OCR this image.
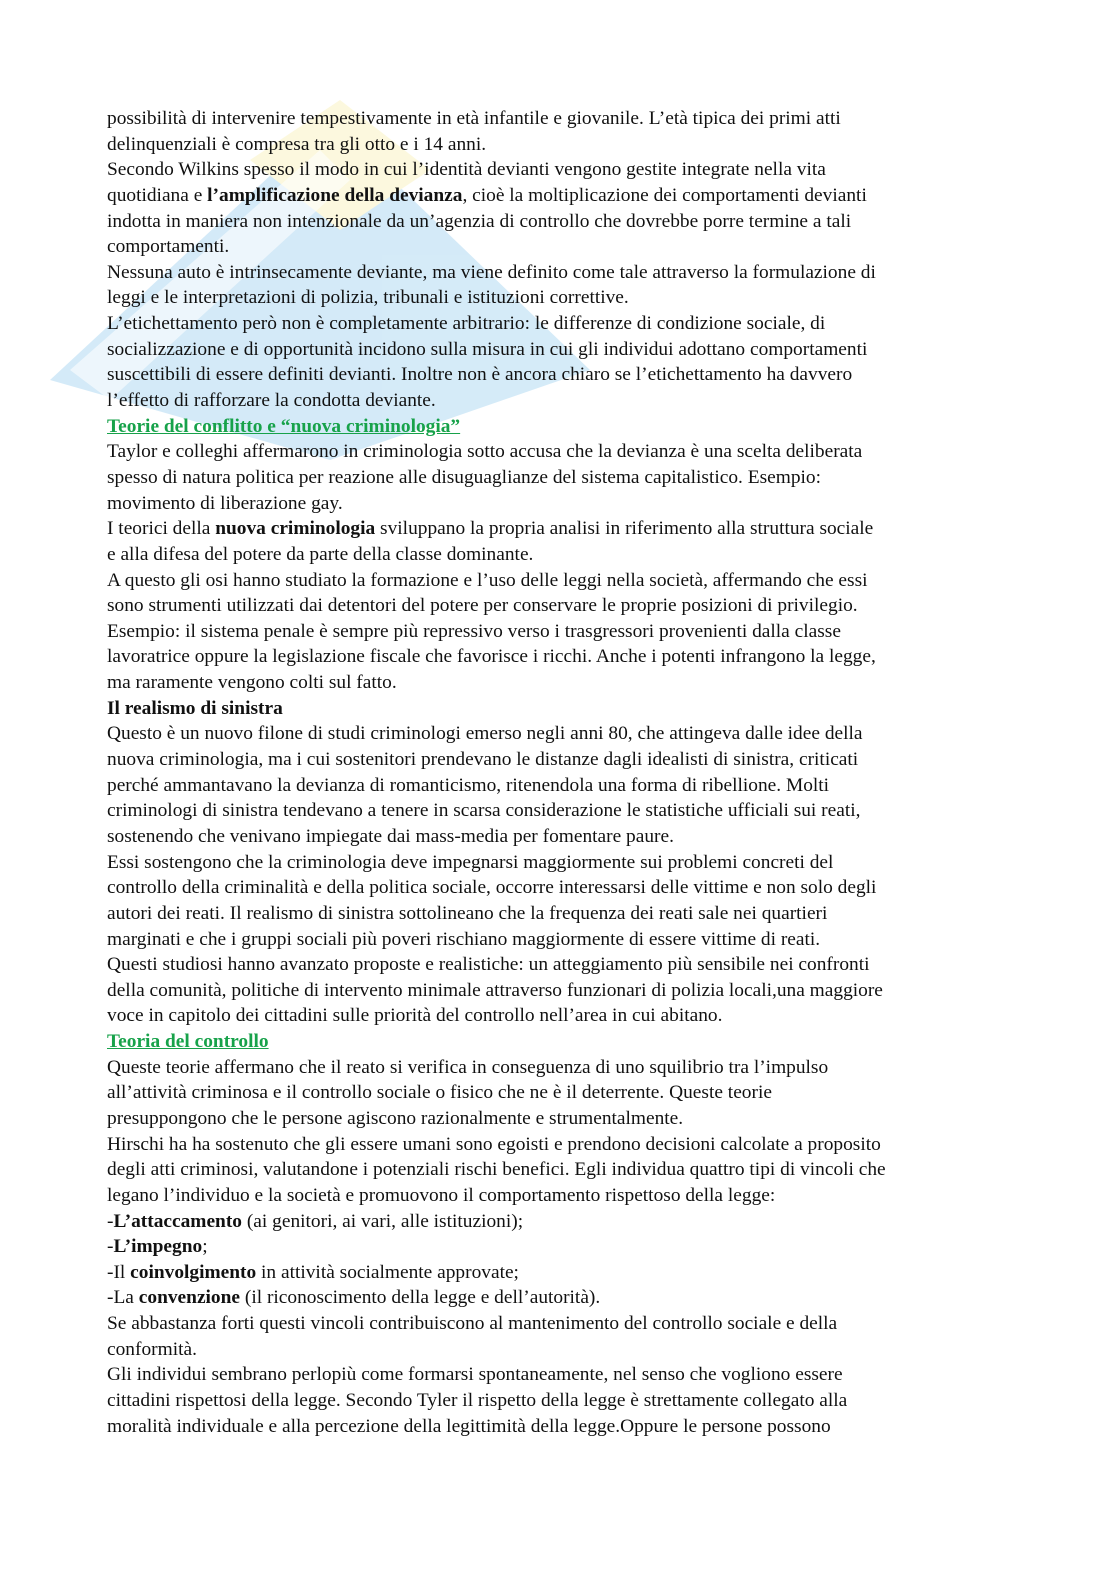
possibilità di intervenire tempestivamente in età infantile e giovanile. L’età tipica dei primi atti
delinquenziali è compresa tra gli otto e i 14 anni.
Secondo Wilkins spesso il modo in cui l’identità devianti vengono gestite integrate nella vita
quotidiana e l’amplificazione della devianza, cioè la moltiplicazione dei comportamenti devianti
indotta in maniera non intenzionale da un’agenzia di controllo che dovrebbe porre termine a tali
comportamenti.
Nessuna auto è intrinsecamente deviante, ma viene definito come tale attraverso la formulazione di
leggi e le interpretazioni di polizia, tribunali e istituzioni correttive.
L’etichettamento però non è completamente arbitrario: le differenze di condizione sociale, di
socializzazione e di opportunità incidono sulla misura in cui gli individui adottano comportamenti
suscettibili di essere definiti devianti. Inoltre non è ancora chiaro se l’etichettamento ha davvero
l’effetto di rafforzare la condotta deviante.
Teorie del conflitto e “nuova criminologia”
Taylor e colleghi affermarono in criminologia sotto accusa che la devianza è una scelta deliberata
spesso di natura politica per reazione alle disuguaglianze del sistema capitalistico. Esempio:
movimento di liberazione gay.
I teorici della nuova criminologia sviluppano la propria analisi in riferimento alla struttura sociale
e alla difesa del potere da parte della classe dominante.
A questo gli osi hanno studiato la formazione e l’uso delle leggi nella società, affermando che essi
sono strumenti utilizzati dai detentori del potere per conservare le proprie posizioni di privilegio.
Esempio: il sistema penale è sempre più repressivo verso i trasgressori provenienti dalla classe
lavoratrice oppure la legislazione fiscale che favorisce i ricchi. Anche i potenti infrangono la legge,
ma raramente vengono colti sul fatto.
Il realismo di sinistra
Questo è un nuovo filone di studi criminologi emerso negli anni 80, che attingeva dalle idee della
nuova criminologia, ma i cui sostenitori prendevano le distanze dagli idealisti di sinistra, criticati
perché ammantavano la devianza di romanticismo, ritenendola una forma di ribellione. Molti
criminologi di sinistra tendevano a tenere in scarsa considerazione le statistiche ufficiali sui reati,
sostenendo che venivano impiegate dai mass-media per fomentare paure.
Essi sostengono che la criminologia deve impegnarsi maggiormente sui problemi concreti del
controllo della criminalità e della politica sociale, occorre interessarsi delle vittime e non solo degli
autori dei reati. Il realismo di sinistra sottolineano che la frequenza dei reati sale nei quartieri
marginati e che i gruppi sociali più poveri rischiano maggiormente di essere vittime di reati.
Questi studiosi hanno avanzato proposte e realistiche: un atteggiamento più sensibile nei confronti
della comunità, politiche di intervento minimale attraverso funzionari di polizia locali,una maggiore
voce in capitolo dei cittadini sulle priorità del controllo nell’area in cui abitano.
Teoria del controllo
Queste teorie affermano che il reato si verifica in conseguenza di uno squilibrio tra l’impulso
all’attività criminosa e il controllo sociale o fisico che ne è il deterrente. Queste teorie
presuppongono che le persone agiscono razionalmente e strumentalmente.
Hirschi ha ha sostenuto che gli essere umani sono egoisti e prendono decisioni calcolate a proposito
degli atti criminosi, valutandone i potenziali rischi benefici. Egli individua quattro tipi di vincoli che
legano l’individuo e la società e promuovono il comportamento rispettoso della legge:
-L’attaccamento (ai genitori, ai vari, alle istituzioni);
-L’impegno;
-Il coinvolgimento in attività socialmente approvate;
-La convenzione (il riconoscimento della legge e dell’autorità).
Se abbastanza forti questi vincoli contribuiscono al mantenimento del controllo sociale e della
conformità.
Gli individui sembrano perlopiù come formarsi spontaneamente, nel senso che vogliono essere
cittadini rispettosi della legge. Secondo Tyler il rispetto della legge è strettamente collegato alla
moralità individuale e alla percezione della legittimità della legge.Oppure le persone possono
